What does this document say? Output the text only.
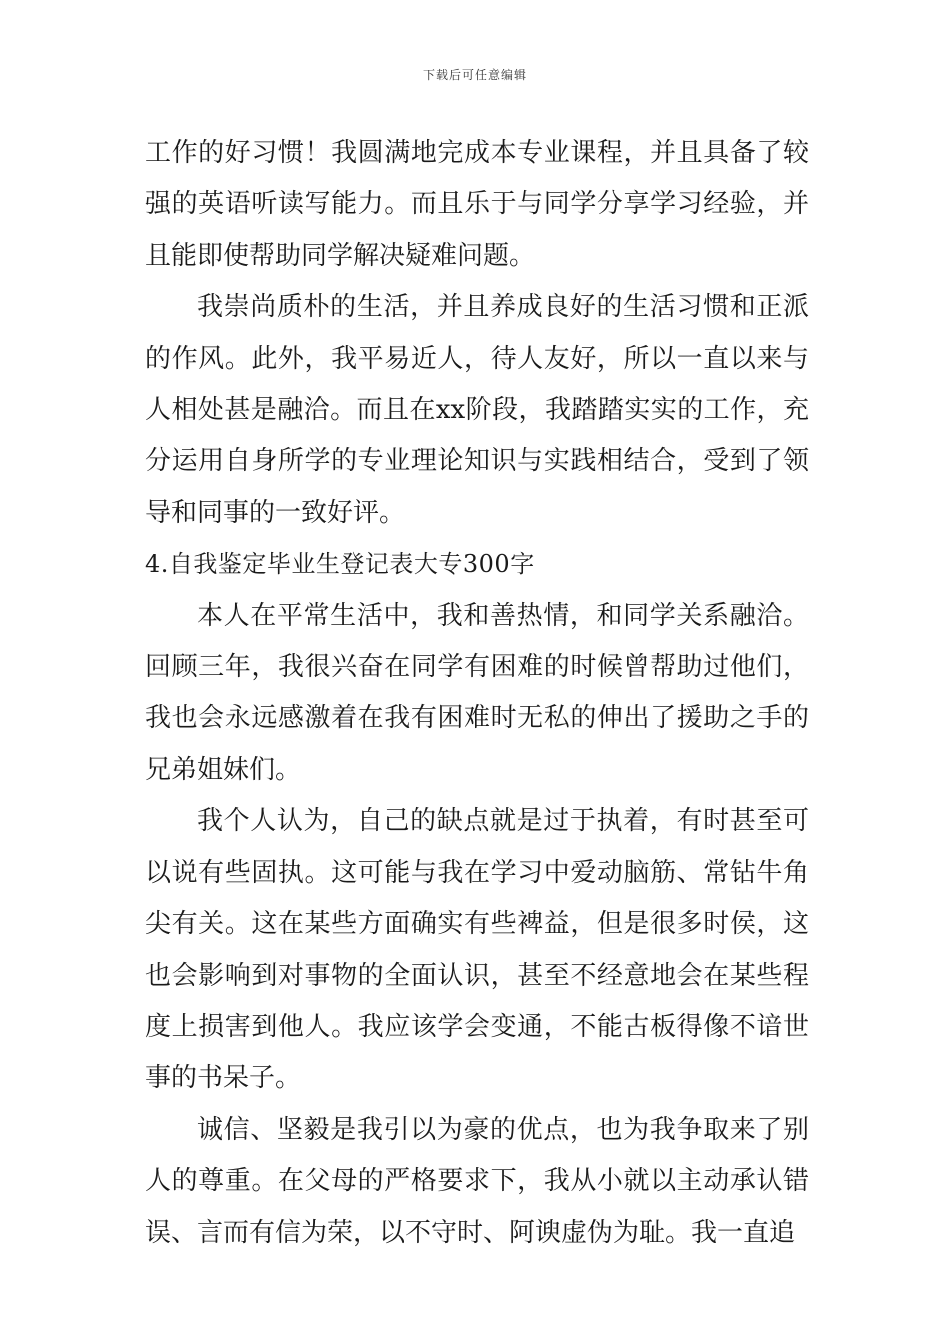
下载后可任意编辑

工作的好习惯！我圆满地完成本专业课程，并且具备了较强的英语听读写能力。而且乐于与同学分享学习经验，并且能即使帮助同学解决疑难问题。

我崇尚质朴的生活，并且养成良好的生活习惯和正派的作风。此外，我平易近人，待人友好，所以一直以来与人相处甚是融洽。而且在xx阶段，我踏踏实实的工作，充分运用自身所学的专业理论知识与实践相结合，受到了领导和同事的一致好评。

4.自我鉴定毕业生登记表大专300字

本人在平常生活中，我和善热情，和同学关系融洽。回顾三年，我很兴奋在同学有困难的时候曾帮助过他们，我也会永远感激着在我有困难时无私的伸出了援助之手的兄弟姐妹们。

我个人认为，自己的缺点就是过于执着，有时甚至可以说有些固执。这可能与我在学习中爱动脑筋、常钻牛角尖有关。这在某些方面确实有些裨益，但是很多时侯，这也会影响到对事物的全面认识，甚至不经意地会在某些程度上损害到他人。我应该学会变通，不能古板得像不谙世事的书呆子。

诚信、坚毅是我引以为豪的优点，也为我争取来了别人的尊重。在父母的严格要求下，我从小就以主动承认错误、言而有信为荣，以不守时、阿谀虚伪为耻。我一直追
